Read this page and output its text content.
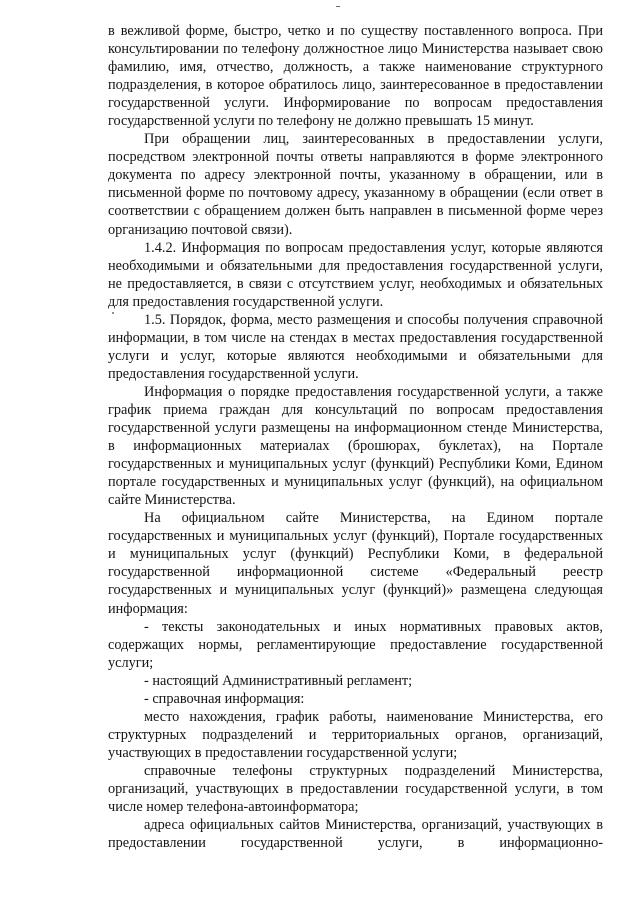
в вежливой форме, быстро, четко и по существу поставленного вопроса. При консультировании по телефону должностное лицо Министерства называет свою фамилию, имя, отчество, должность, а также наименование структурного подразделения, в которое обратилось лицо, заинтересованное в предоставлении государственной услуги. Информирование по вопросам предоставления государственной услуги по телефону не должно превышать 15 минут.

При обращении лиц, заинтересованных в предоставлении услуги, посредством электронной почты ответы направляются в форме электронного документа по адресу электронной почты, указанному в обращении, или в письменной форме по почтовому адресу, указанному в обращении (если ответ в соответствии с обращением должен быть направлен в письменной форме через организацию почтовой связи).

1.4.2. Информация по вопросам предоставления услуг, которые являются необходимыми и обязательными для предоставления государственной услуги, не предоставляется, в связи с отсутствием услуг, необходимых и обязательных для предоставления государственной услуги.

1.5. Порядок, форма, место размещения и способы получения справочной информации, в том числе на стендах в местах предоставления государственной услуги и услуг, которые являются необходимыми и обязательными для предоставления государственной услуги.

Информация о порядке предоставления государственной услуги, а также график приема граждан для консультаций по вопросам предоставления государственной услуги размещены на информационном стенде Министерства, в информационных материалах (брошюрах, буклетах), на Портале государственных и муниципальных услуг (функций) Республики Коми, Едином портале государственных и муниципальных услуг (функций), на официальном сайте Министерства.

На официальном сайте Министерства, на Едином портале государственных и муниципальных услуг (функций), Портале государственных и муниципальных услуг (функций) Республики Коми, в федеральной государственной информационной системе «Федеральный реестр государственных и муниципальных услуг (функций)» размещена следующая информация:

- тексты законодательных и иных нормативных правовых актов, содержащих нормы, регламентирующие предоставление государственной услуги;

- настоящий Административный регламент;

- справочная информация:

место нахождения, график работы, наименование Министерства, его структурных подразделений и территориальных органов, организаций, участвующих в предоставлении государственной услуги;

справочные телефоны структурных подразделений Министерства, организаций, участвующих в предоставлении государственной услуги, в том числе номер телефона-автоинформатора;

адреса официальных сайтов Министерства, организаций, участвующих в предоставлении государственной услуги, в информационно-
